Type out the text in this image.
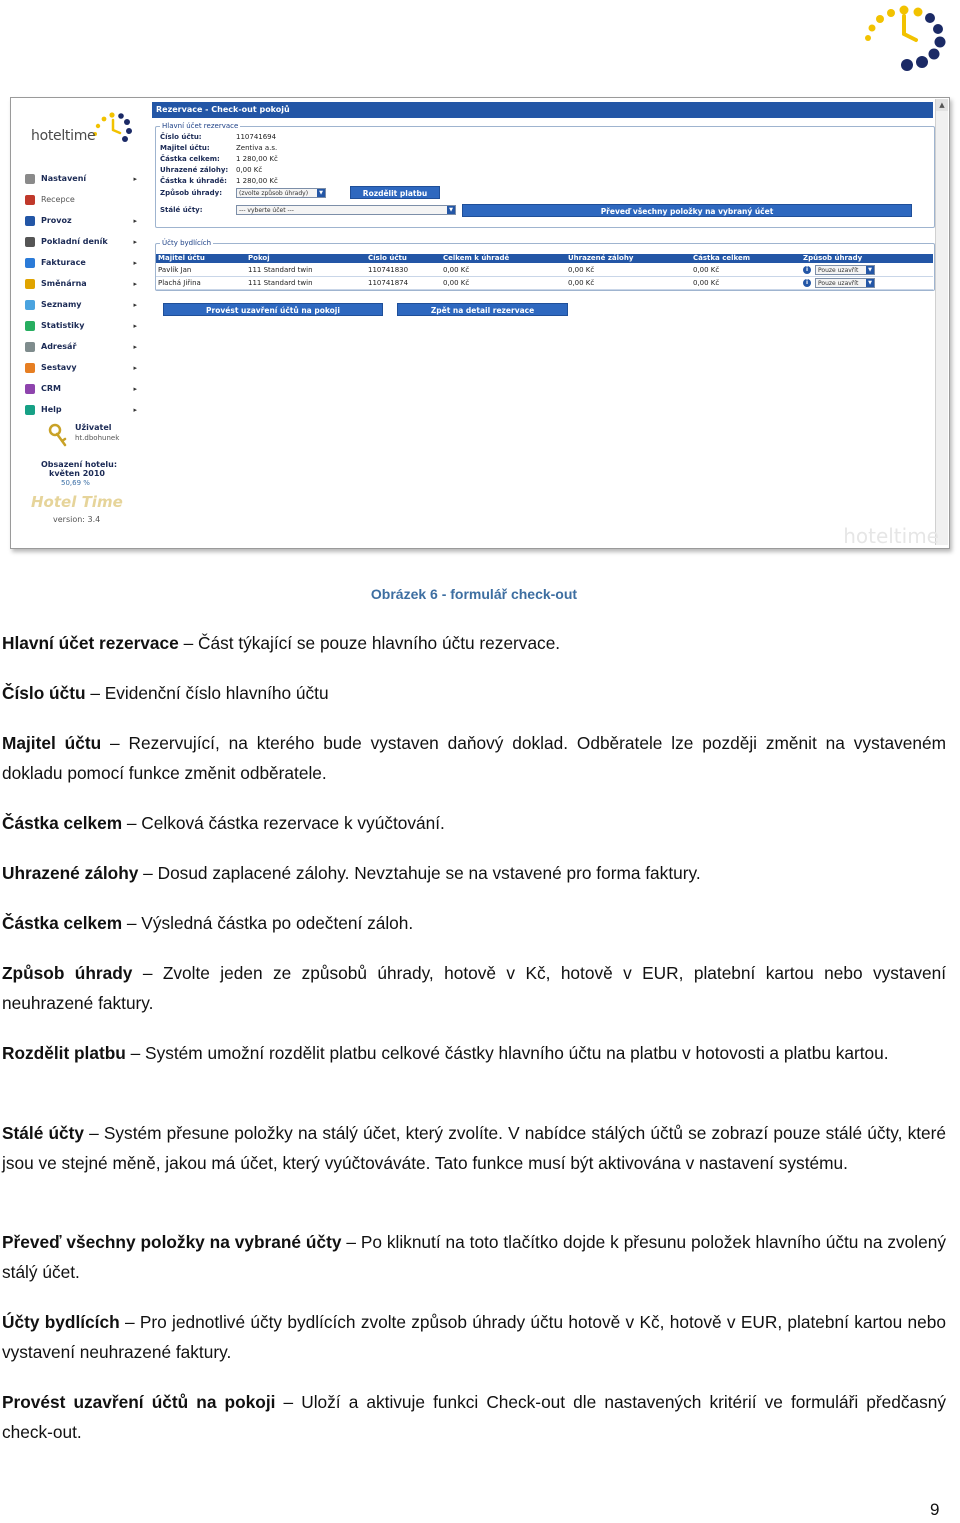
hoteltime
Nastavení	▸
Recepce
Provoz	▸
Pokladní deník	▸
Fakturace	▸
Směnárna	▸
Seznamy	▸
Statistiky	▸
Adresář	▸
Sestavy	▸
CRM	▸
Help	▸
Uživatel
ht.dbohunek
Obsazení hotelu:
květen 2010
50,69 %
Hotel Time
version: 3.4
Rezervace - Check-out pokojů
Hlavní účet rezervace
Číslo účtu:	110741694
Majitel účtu:	Zentiva a.s.
Částka celkem: 1 280,00 Kč
Uhrazené zálohy: 0,00 Kč
Částka k úhradě: 1 280,00 Kč
Způsob úhrady:	(zvolte způsob úhrady)	▼	Rozdělit platbu
Stálé účty:	--- vyberte účet ---	▼	Převeď všechny položky na vybraný účet
Účty bydlících
Majitel účtu	Pokoj	Číslo účtu	Celkem k úhradě	Uhrazené zálohy	Částka celkem	Způsob úhrady
Pavlík Jan	111 Standard twin	110741830	0,00 Kč	0,00 Kč	0,00 Kč	i	Pouze uzavřít	▼
Plachá Jiřina	111 Standard twin	110741874	0,00 Kč	0,00 Kč	0,00 Kč	i	Pouze uzavřít	▼
Provést uzavření účtů na pokoji	Zpět na detail rezervace
▲
hoteltime
Obrázek 6 - formulář check-out
Hlavní účet rezervace – Část týkající se pouze hlavního účtu rezervace.
Číslo účtu – Evidenční číslo hlavního účtu
Majitel účtu – Rezervující, na kterého bude vystaven daňový doklad. Odběratele lze později změnit na vystaveném dokladu pomocí funkce změnit odběratele.
Částka celkem – Celková částka rezervace k vyúčtování.
Uhrazené zálohy – Dosud zaplacené zálohy. Nevztahuje se na vstavené pro forma faktury.
Částka celkem – Výsledná částka po odečtení záloh.
Způsob úhrady – Zvolte jeden ze způsobů úhrady, hotově v Kč, hotově v EUR, platební kartou nebo vystavení neuhrazené faktury.
Rozdělit platbu – Systém umožní rozdělit platbu celkové částky hlavního účtu na platbu v hotovosti a platbu kartou.
Stálé účty – Systém přesune položky na stálý účet, který zvolíte. V nabídce stálých účtů se zobrazí pouze stálé účty, které jsou ve stejné měně, jakou má účet, který vyúčtováváte. Tato funkce musí být aktivována v nastavení systému.
Převeď všechny položky na vybrané účty – Po kliknutí na toto tlačítko dojde k přesunu položek hlavního účtu na zvolený stálý účet.
Účty bydlících – Pro jednotlivé účty bydlících zvolte způsob úhrady účtu hotově v Kč, hotově v EUR, platební kartou nebo vystavení neuhrazené faktury.
Provést uzavření účtů na pokoji – Uloží a aktivuje funkci Check-out dle nastavených kritérií ve formuláři předčasný check-out.
9
